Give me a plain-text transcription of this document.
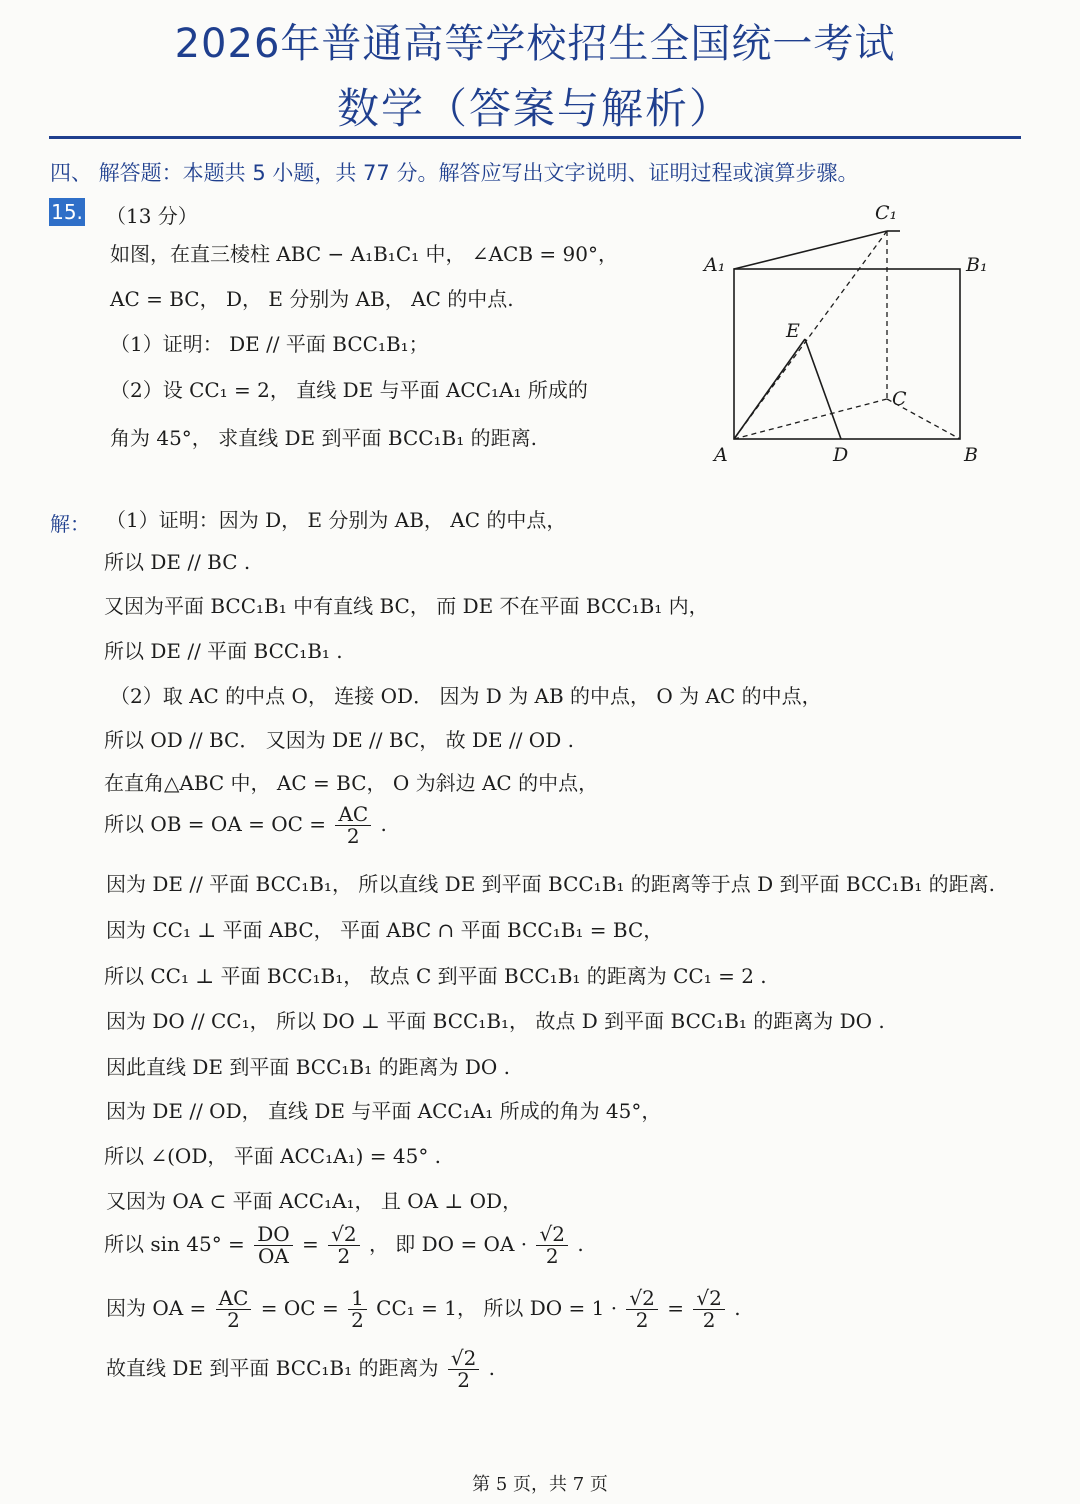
2026年普通高等学校招生全国统一考试
数学（答案与解析）
四、 解答题：本题共 5 小题，共 77 分。解答应写出文字说明、证明过程或演算步骤。
15. （13 分）
如图，在直三棱柱 ABC − A₁B₁C₁ 中， ∠ACB = 90°，
AC = BC， D， E 分别为 AB， AC 的中点.
（1）证明： DE // 平面 BCC₁B₁；
（2）设 CC₁ = 2， 直线 DE 与平面 ACC₁A₁ 所成的
角为 45°， 求直线 DE 到平面 BCC₁B₁ 的距离.
C₁
A₁	B₁
E
C
A	D	B
解： （1）证明：因为 D， E 分别为 AB， AC 的中点，
所以 DE // BC .
又因为平面 BCC₁B₁ 中有直线 BC， 而 DE 不在平面 BCC₁B₁ 内，
所以 DE // 平面 BCC₁B₁ .
（2）取 AC 的中点 O， 连接 OD． 因为 D 为 AB 的中点， O 为 AC 的中点，
所以 OD // BC． 又因为 DE // BC， 故 DE // OD .
在直角△ABC 中， AC = BC， O 为斜边 AC 的中点，
所以 OB = OA = OC = $\frac{AC}{2}$ .
因为 DE // 平面 BCC₁B₁， 所以直线 DE 到平面 BCC₁B₁ 的距离等于点 D 到平面 BCC₁B₁ 的距离.
因为 CC₁ ⊥ 平面 ABC， 平面 ABC ∩ 平面 BCC₁B₁ = BC，
所以 CC₁ ⊥ 平面 BCC₁B₁， 故点 C 到平面 BCC₁B₁ 的距离为 CC₁ = 2 .
因为 DO // CC₁， 所以 DO ⊥ 平面 BCC₁B₁， 故点 D 到平面 BCC₁B₁ 的距离为 DO .
因此直线 DE 到平面 BCC₁B₁ 的距离为 DO .
因为 DE // OD， 直线 DE 与平面 ACC₁A₁ 所成的角为 45°，
所以 ∠(OD， 平面 ACC₁A₁) = 45° .
又因为 OA ⊂ 平面 ACC₁A₁， 且 OA ⊥ OD，
所以 $\sin 45^\circ = \frac{DO}{OA} = \frac{√2}{2}$ ， 即 DO = OA · $\frac{√2}{2}$ .
因为 OA = $\frac{AC}{2}$ = OC = $\frac{1}{2} CC_1 = 1$， 所以 DO = $1 \cdot \frac{√2}{2} = \frac{√2}{2}$ .
故直线 DE 到平面 BCC₁B₁ 的距离为 $\frac{√2}{2}$ .
第 5 页，共 7 页
